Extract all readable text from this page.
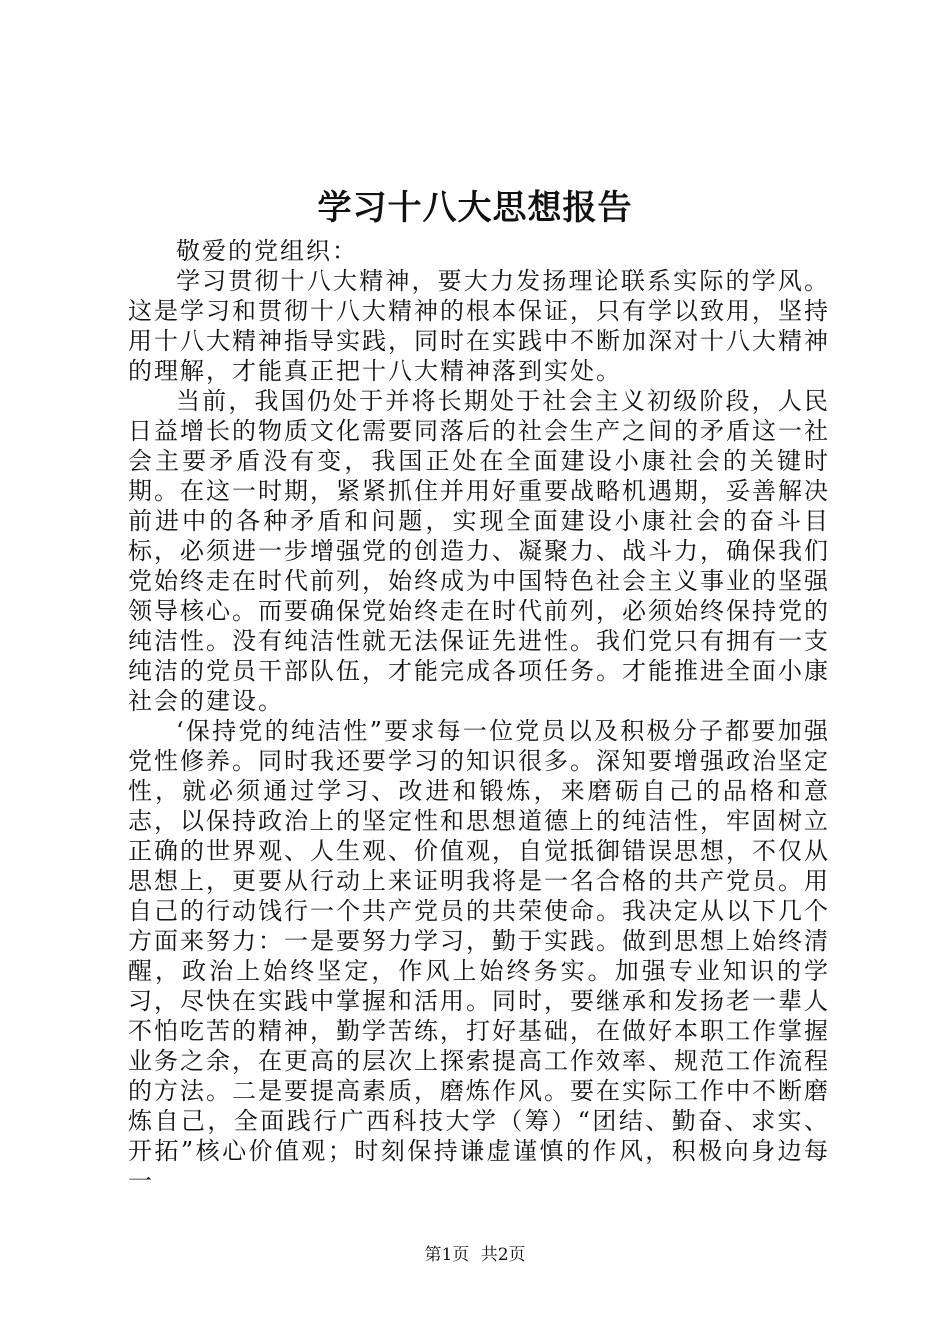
学习十八大思想报告

敬爱的党组织：

学习贯彻十八大精神，要大力发扬理论联系实际的学风。这是学习和贯彻十八大精神的根本保证，只有学以致用，坚持用十八大精神指导实践，同时在实践中不断加深对十八大精神的理解，才能真正把十八大精神落到实处。

当前，我国仍处于并将长期处于社会主义初级阶段，人民日益增长的物质文化需要同落后的社会生产之间的矛盾这一社会主要矛盾没有变，我国正处在全面建设小康社会的关键时期。在这一时期，紧紧抓住并用好重要战略机遇期，妥善解决前进中的各种矛盾和问题，实现全面建设小康社会的奋斗目标，必须进一步增强党的创造力、凝聚力、战斗力，确保我们党始终走在时代前列，始终成为中国特色社会主义事业的坚强领导核心。而要确保党始终走在时代前列，必须始终保持党的纯洁性。没有纯洁性就无法保证先进性。我们党只有拥有一支纯洁的党员干部队伍，才能完成各项任务。才能推进全面小康社会的建设。

‘保持党的纯洁性”要求每一位党员以及积极分子都要加强党性修养。同时我还要学习的知识很多。深知要增强政治坚定性，就必须通过学习、改进和锻炼，来磨砺自己的品格和意志，以保持政治上的坚定性和思想道德上的纯洁性，牢固树立正确的世界观、人生观、价值观，自觉抵御错误思想，不仅从思想上，更要从行动上来证明我将是一名合格的共产党员。用自己的行动饯行一个共产党员的共荣使命。我决定从以下几个方面来努力：一是要努力学习，勤于实践。做到思想上始终清醒，政治上始终坚定，作风上始终务实。加强专业知识的学习，尽快在实践中掌握和活用。同时，要继承和发扬老一辈人不怕吃苦的精神，勤学苦练，打好基础，在做好本职工作掌握业务之余，在更高的层次上探索提高工作效率、规范工作流程的方法。二是要提高素质，磨炼作风。要在实际工作中不断磨炼自己，全面践行广西科技大学（筹）“团结、勤奋、求实、开拓”核心价值观；时刻保持谦虚谨慎的作风，积极向身边每一

第1页 共2页
